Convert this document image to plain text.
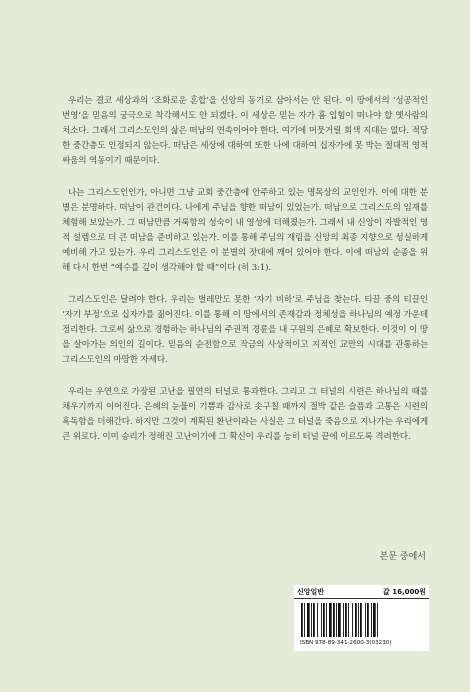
우리는 결코 세상과의 ‘조화로운 혼합’을 신앙의 동기로 삼아서는 안 된다. 이 땅에서의 ‘성공적인 번영’을 믿음의 궁극으로 착각해서도 안 되겠다. 이 세상은 믿는 자가 흠 입힘이 떠나야 할 옛사람의 처소다. 그래서 그리스도인의 삶은 떠남의 연속이어야 한다. 여기에 머뭇거릴 회색 지대는 없다. 적당한 중간층도 인정되지 않는다. 떠남은 세상에 대하여 또한 나에 대하여 십자가에 못 박는 절대적 영적 싸움의 역동이기 때문이다.

나는 그리스도인인가, 아니면 그냥 교회 중간층에 안주하고 있는 명목상의 교인인가. 이에 대한 분별은 분명하다. 떠남이 관건이다. 나에게 주님을 향한 떠남이 있었는가. 떠남으로 그리스도의 임재를 체험해 보았는가. 그 떠남만큼 거룩함의 성숙이 내 영성에 더해졌는가. 그래서 내 신앙이 자발적인 영적 설렘으로 더 큰 떠남을 준비하고 있는가. 이를 통해 주님의 재림을 신앙의 최종 지향으로 성실하게 예비해 가고 있는가. 우리 그리스도인은 이 분별의 잣대에 깨어 있어야 한다. 이에 떠남의 순종을 위해 다시 한번 “예수를 깊이 생각해야 할 때”이다 (히 3:1).

그리스도인은 달려야 한다. 우리는 벌레만도 못한 ‘자기 비하’로 주님을 찾는다. 티끌 중의 티끌인 ‘자기 부정’으로 십자가를 짊어진다. 이를 통해 이 땅에서의 존재감과 정체성을 하나님의 예정 가운데 정리한다. 그로써 삶으로 경험하는 하나님의 주권적 경륜을 내 구원의 은혜로 확보한다. 이것이 이 땅을 살아가는 의인의 길이다. 믿음의 순전함으로 작금의 사상적이고 지적인 교만의 시대를 관통하는 그리스도인의 마땅한 자세다.

우리는 우연으로 가장된 고난을 필연의 터널로 통과한다. 그리고 그 터널의 시련은 하나님의 때를 채우기까지 이어진다. 은혜의 눈물이 기쁨과 감사로 솟구칠 때까지 절박 같은 슬픔과 고통은 시련의 혹독함을 더해간다. 하지만 그것이 계획된 환난이라는 사실은 그 터널을 죽음으로 지나가는 우리에게 큰 위로다. 이미 승리가 정해진 고난이기에 그 확신이 우리를 능히 터널 끝에 이르도록 격려한다.

본문 중에서
신앙일반	값 16,000원
ISBN 978-89-341-2600-3(03230)
